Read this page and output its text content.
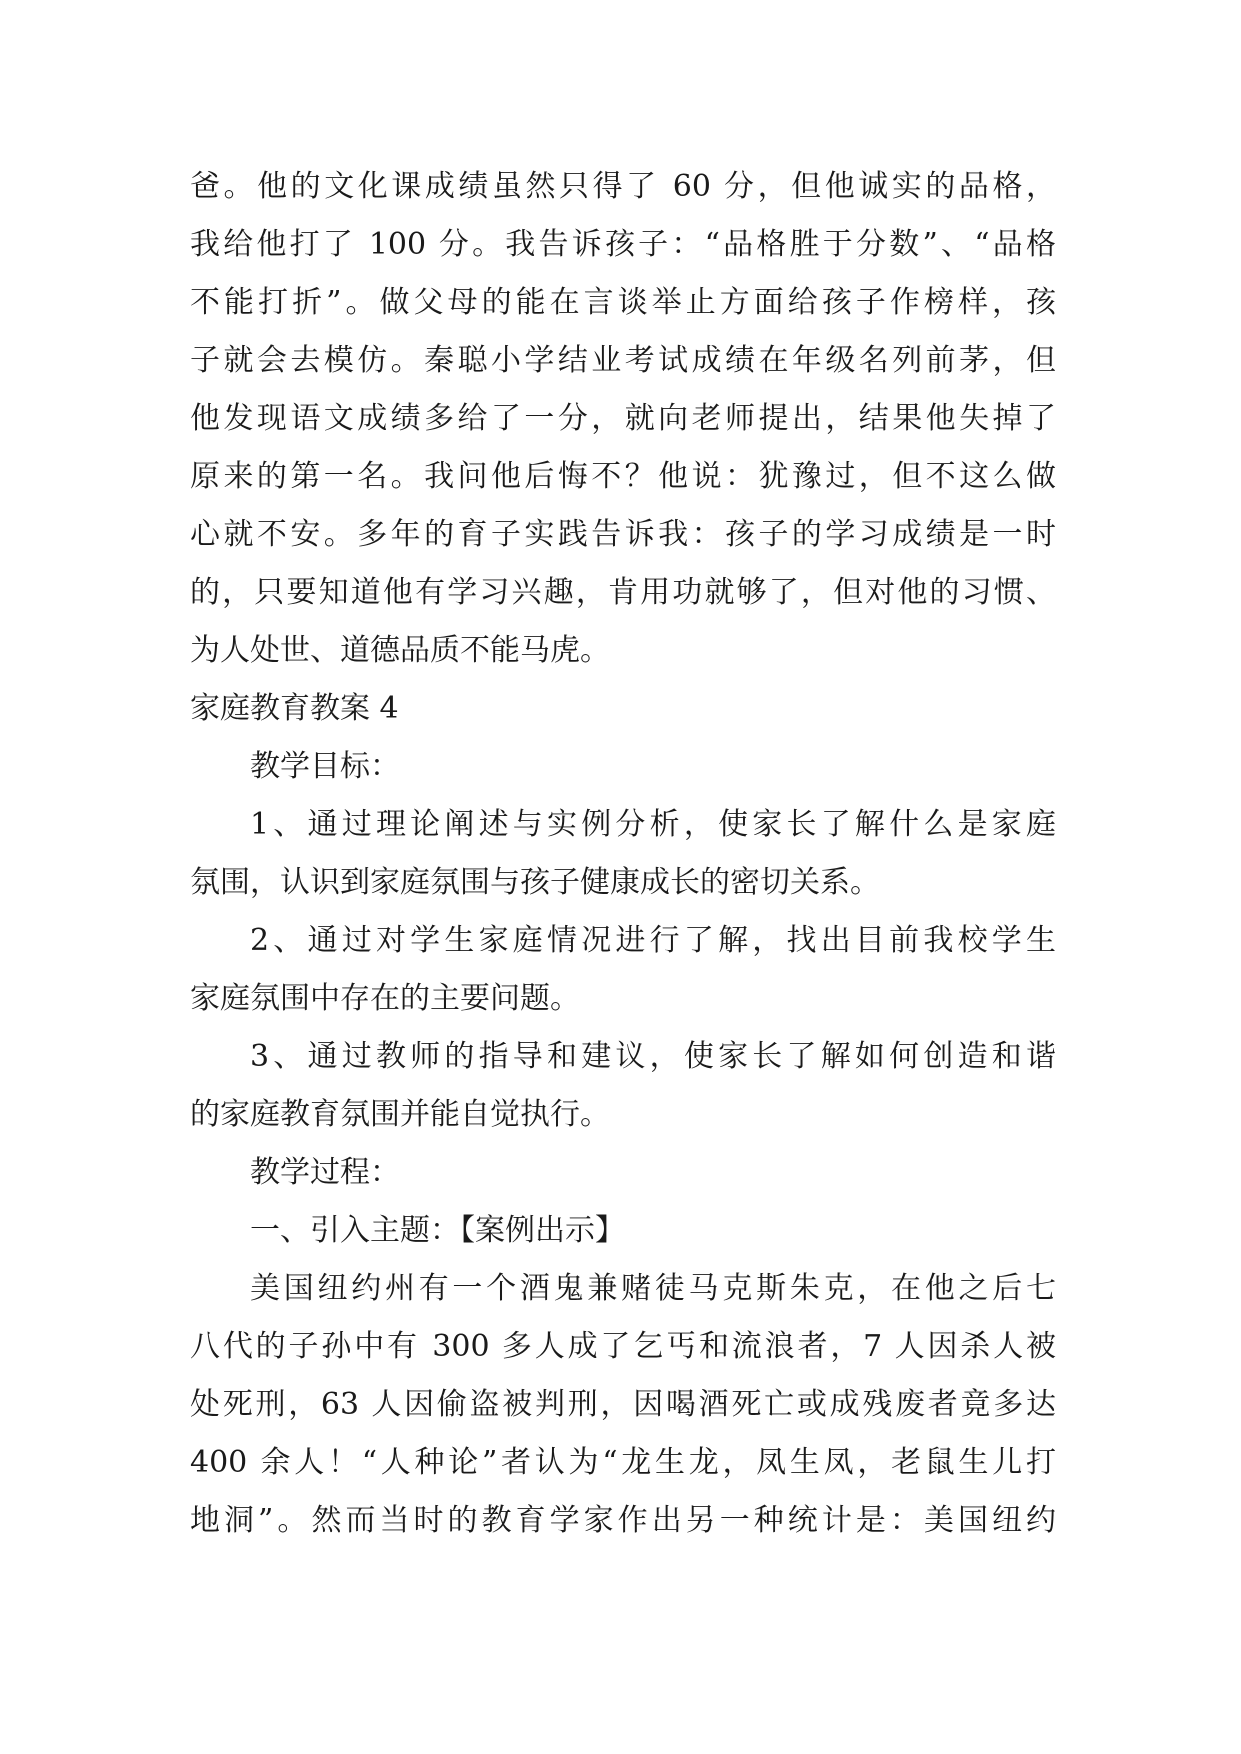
爸。他的文化课成绩虽然只得了 60 分，但他诚实的品格，
我给他打了 100 分。我告诉孩子：“品格胜于分数”、“品格
不能打折”。做父母的能在言谈举止方面给孩子作榜样，孩
子就会去模仿。秦聪小学结业考试成绩在年级名列前茅，但
他发现语文成绩多给了一分，就向老师提出，结果他失掉了
原来的第一名。我问他后悔不？他说：犹豫过，但不这么做
心就不安。多年的育子实践告诉我：孩子的学习成绩是一时
的，只要知道他有学习兴趣，肯用功就够了，但对他的习惯、
为人处世、道德品质不能马虎。
家庭教育教案 4
教学目标：
1、通过理论阐述与实例分析，使家长了解什么是家庭
氛围，认识到家庭氛围与孩子健康成长的密切关系。
2、通过对学生家庭情况进行了解，找出目前我校学生
家庭氛围中存在的主要问题。
3、通过教师的指导和建议，使家长了解如何创造和谐
的家庭教育氛围并能自觉执行。
教学过程：
一、引入主题：【案例出示】
美国纽约州有一个酒鬼兼赌徒马克斯朱克，在他之后七
八代的子孙中有 300 多人成了乞丐和流浪者，7 人因杀人被
处死刑，63 人因偷盗被判刑，因喝酒死亡或成残废者竟多达
400 余人！“人种论”者认为“龙生龙，凤生凤，老鼠生儿打
地洞”。然而当时的教育学家作出另一种统计是：美国纽约
